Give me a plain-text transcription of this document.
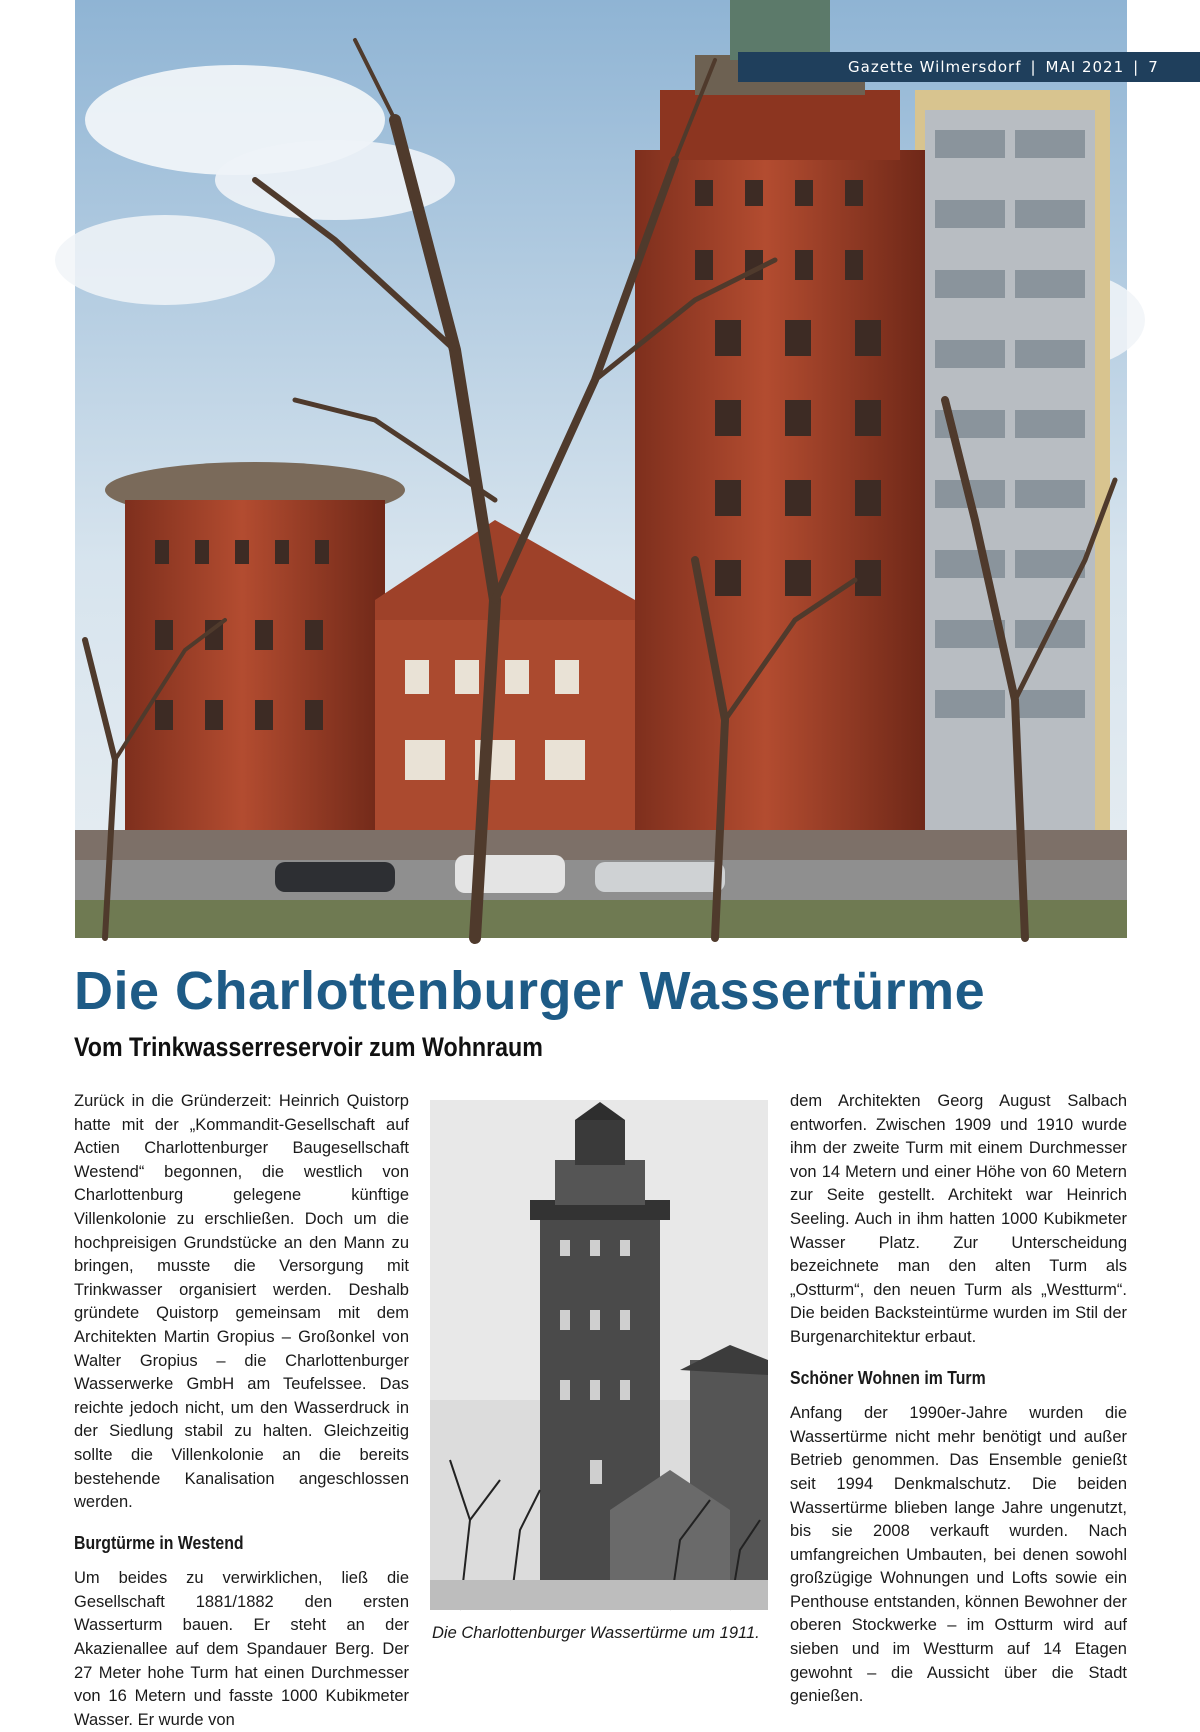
Gazette Wilmersdorf | MAI 2021 | 7
Die Charlottenburger Wassertürme
Vom Trinkwasserreservoir zum Wohnraum

Zurück in die Gründerzeit: Heinrich Quistorp hatte mit der „Kommandit-Gesellschaft auf Actien Charlottenburger Baugesellschaft Westend“ begonnen, die westlich von Charlottenburg gelegene künftige Villenkolonie zu erschließen. Doch um die hochpreisigen Grundstücke an den Mann zu bringen, musste die Versorgung mit Trinkwasser organisiert werden. Deshalb gründete Quistorp gemeinsam mit dem Architekten Martin Gropius – Großonkel von Walter Gropius – die Charlottenburger Wasserwerke GmbH am Teufelssee. Das reichte jedoch nicht, um den Wasserdruck in der Siedlung stabil zu halten. Gleichzeitig sollte die Villenkolonie an die bereits bestehende Kanalisation angeschlossen werden.

Burgtürme in Westend

Um beides zu verwirklichen, ließ die Gesellschaft 1881/1882 den ersten Wasserturm bauen. Er steht an der Akazienallee auf dem Spandauer Berg. Der 27 Meter hohe Turm hat einen Durchmesser von 16 Metern und fasste 1000 Kubikmeter Wasser. Er wurde von

Die Charlottenburger Wassertürme um 1911.

dem Architekten Georg August Salbach entworfen. Zwischen 1909 und 1910 wurde ihm der zweite Turm mit einem Durchmesser von 14 Metern und einer Höhe von 60 Metern zur Seite gestellt. Architekt war Heinrich Seeling. Auch in ihm hatten 1000 Kubikmeter Wasser Platz. Zur Unterscheidung bezeichnete man den alten Turm als „Ostturm“, den neuen Turm als „Westturm“. Die beiden Backsteintürme wurden im Stil der Burgenarchitektur erbaut.

Schöner Wohnen im Turm

Anfang der 1990er-Jahre wurden die Wassertürme nicht mehr benötigt und außer Betrieb genommen. Das Ensemble genießt seit 1994 Denkmalschutz. Die beiden Wassertürme blieben lange Jahre ungenutzt, bis sie 2008 verkauft wurden. Nach umfangreichen Umbauten, bei denen sowohl großzügige Wohnungen und Lofts sowie ein Penthouse entstanden, können Bewohner der oberen Stockwerke – im Ostturm wird auf sieben und im Westturm auf 14 Etagen gewohnt – die Aussicht über die Stadt genießen.
